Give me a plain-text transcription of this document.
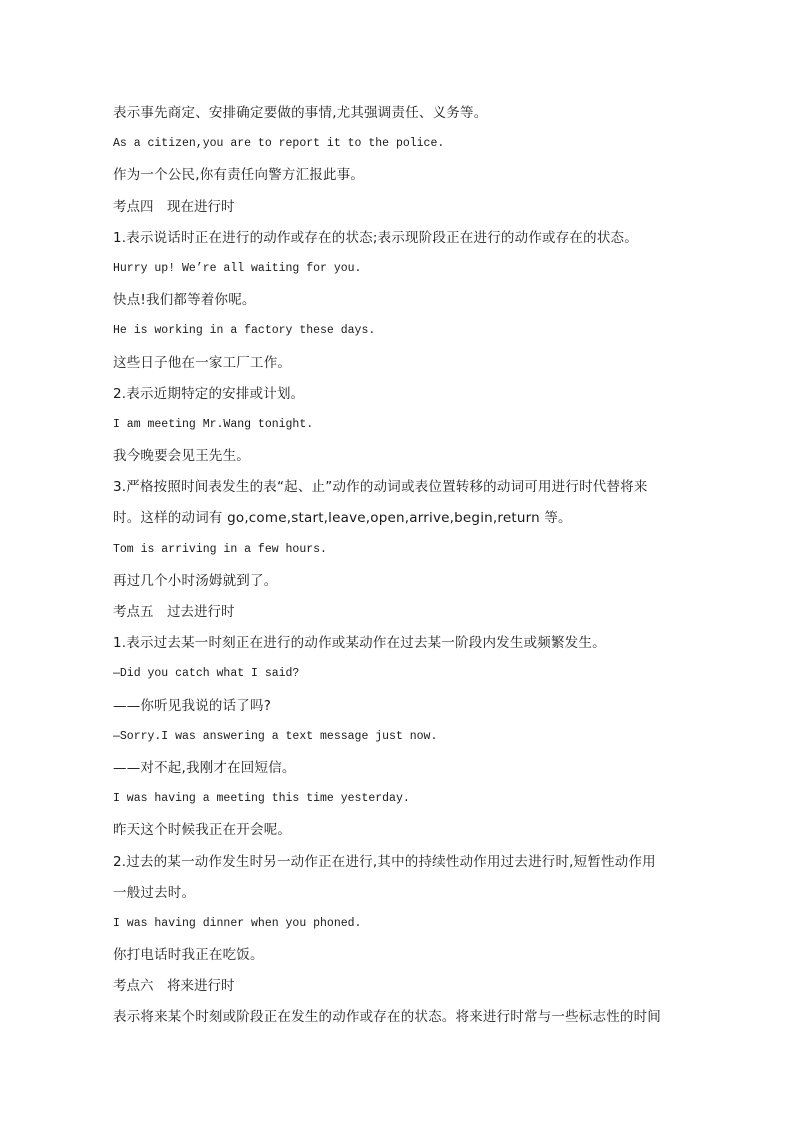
表示事先商定、安排确定要做的事情,尤其强调责任、义务等。
As a citizen,you are to report it to the police.
作为一个公民,你有责任向警方汇报此事。
考点四　现在进行时
1.表示说话时正在进行的动作或存在的状态;表示现阶段正在进行的动作或存在的状态。
Hurry up! We’re all waiting for you.
快点!我们都等着你呢。
He is working in a factory these days.
这些日子他在一家工厂工作。
2.表示近期特定的安排或计划。
I am meeting Mr.Wang tonight.
我今晚要会见王先生。
3.严格按照时间表发生的表“起、止”动作的动词或表位置转移的动词可用进行时代替将来
时。这样的动词有 go,come,start,leave,open,arrive,begin,return 等。
Tom is arriving in a few hours.
再过几个小时汤姆就到了。
考点五　过去进行时
1.表示过去某一时刻正在进行的动作或某动作在过去某一阶段内发生或频繁发生。
—Did you catch what I said?
——你听见我说的话了吗?
—Sorry.I was answering a text message just now.
——对不起,我刚才在回短信。
I was having a meeting this time yesterday.
昨天这个时候我正在开会呢。
2.过去的某一动作发生时另一动作正在进行,其中的持续性动作用过去进行时,短暂性动作用
一般过去时。
I was having dinner when you phoned.
你打电话时我正在吃饭。
考点六　将来进行时
表示将来某个时刻或阶段正在发生的动作或存在的状态。将来进行时常与一些标志性的时间
